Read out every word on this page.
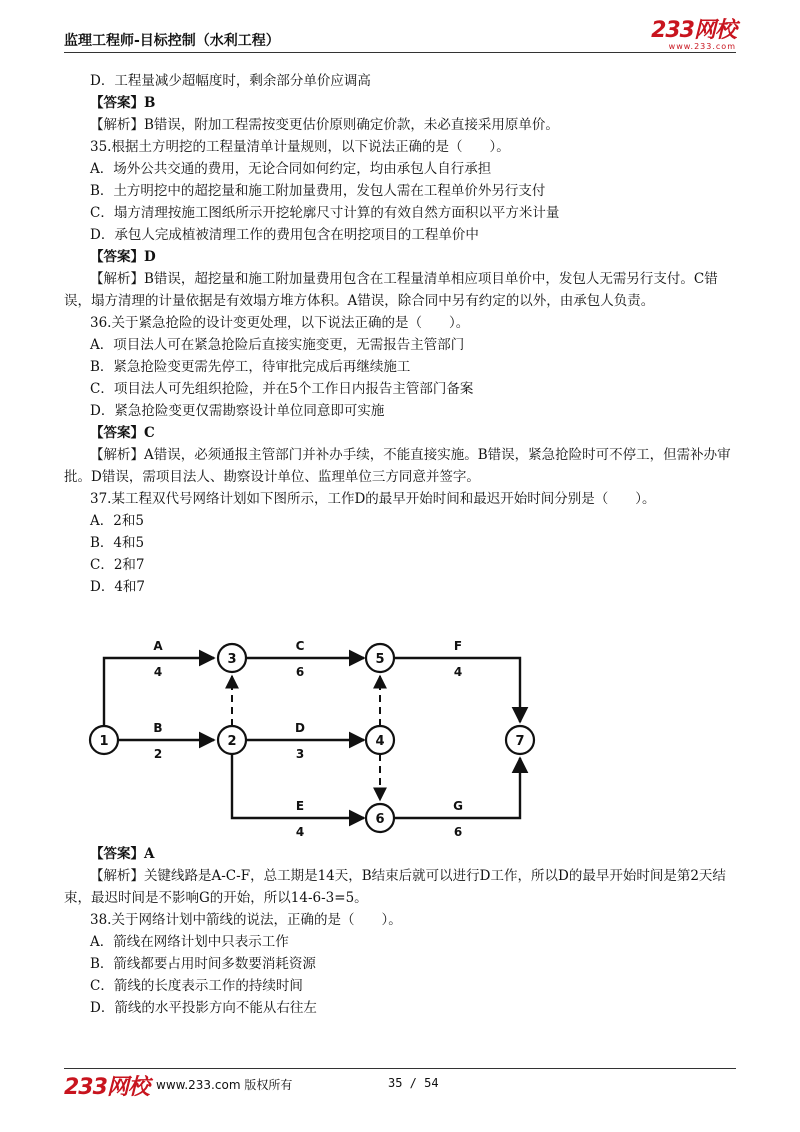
监理工程师-目标控制（水利工程）	233网校
www.233.com
D．工程量减少超幅度时，剩余部分单价应调高
【答案】B
【解析】B错误，附加工程需按变更估价原则确定价款，未必直接采用原单价。
35.根据土方明挖的工程量清单计量规则，以下说法正确的是（　　）。
A．场外公共交通的费用，无论合同如何约定，均由承包人自行承担
B．土方明挖中的超挖量和施工附加量费用，发包人需在工程单价外另行支付
C．塌方清理按施工图纸所示开挖轮廓尺寸计算的有效自然方面积以平方米计量
D．承包人完成植被清理工作的费用包含在明挖项目的工程单价中
【答案】D
【解析】B错误，超挖量和施工附加量费用包含在工程量清单相应项目单价中，发包人无需另行支付。C错误，塌方清理的计量依据是有效塌方堆方体积。A错误，除合同中另有约定的以外，由承包人负责。
36.关于紧急抢险的设计变更处理，以下说法正确的是（　　）。
A．项目法人可在紧急抢险后直接实施变更，无需报告主管部门
B．紧急抢险变更需先停工，待审批完成后再继续施工
C．项目法人可先组织抢险，并在5个工作日内报告主管部门备案
D．紧急抢险变更仅需勘察设计单位同意即可实施
【答案】C
【解析】A错误，必须通报主管部门并补办手续，不能直接实施。B错误，紧急抢险时可不停工，但需补办审批。D错误，需项目法人、勘察设计单位、监理单位三方同意并签字。
37.某工程双代号网络计划如下图所示，工作D的最早开始时间和最迟开始时间分别是（　　）。
A．2和5
B．4和5
C．2和7
D．4和7
1	2
3
4
5
6
7
A
4
B
2
C
6
D
3
E
4
F
4
G
6
【答案】A
【解析】关键线路是A-C-F，总工期是14天，B结束后就可以进行D工作，所以D的最早开始时间是第2天结束，最迟时间是不影响G的开始，所以14-6-3=5。
38.关于网络计划中箭线的说法，正确的是（　　）。
A．箭线在网络计划中只表示工作
B．箭线都要占用时间多数要消耗资源
C．箭线的长度表示工作的持续时间
D．箭线的水平投影方向不能从右往左
233网校 www.233.com 版权所有	35 / 54
